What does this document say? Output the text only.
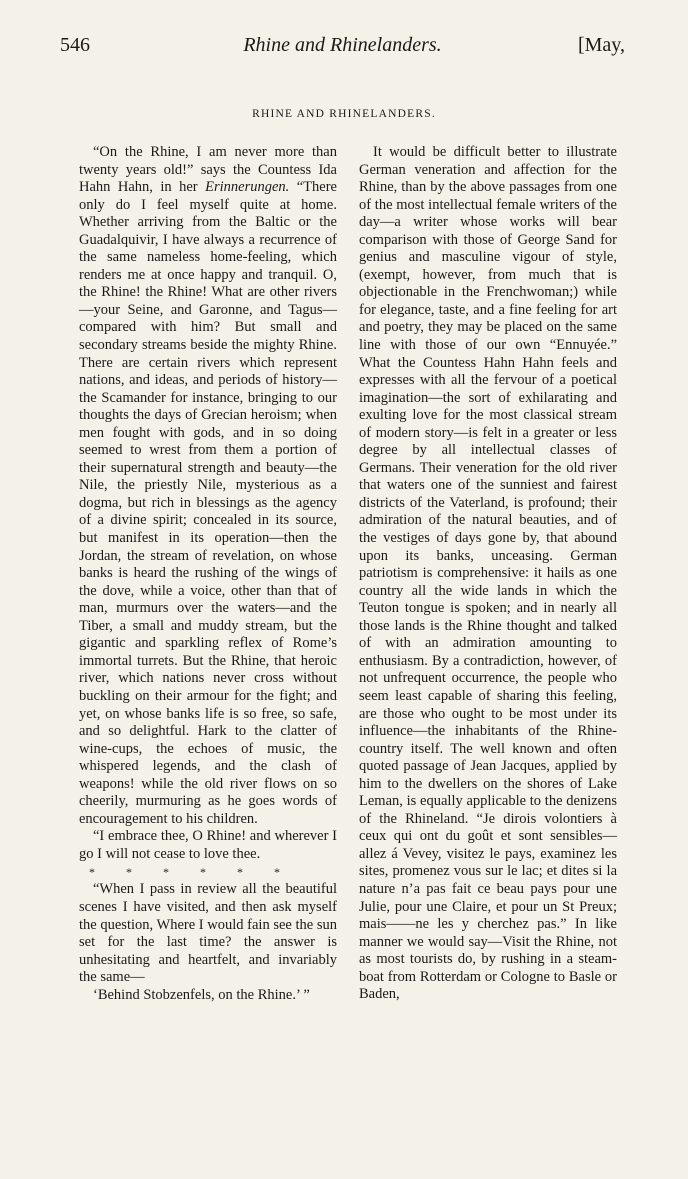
546	Rhine and Rhinelanders.	[May,
RHINE AND RHINELANDERS.

“On the Rhine, I am never more than twenty years old!” says the Countess Ida Hahn Hahn, in her Erinnerungen. “There only do I feel myself quite at home. Whether arriving from the Baltic or the Guadalquivir, I have always a recurrence of the same nameless home-feeling, which renders me at once happy and tranquil. O, the Rhine! the Rhine! What are other rivers—your Seine, and Garonne, and Tagus—compared with him? But small and secondary streams beside the mighty Rhine. There are certain rivers which represent nations, and ideas, and periods of history—the Scamander for instance, bringing to our thoughts the days of Grecian heroism; when men fought with gods, and in so doing seemed to wrest from them a portion of their supernatural strength and beauty—the Nile, the priestly Nile, mysterious as a dogma, but rich in blessings as the agency of a divine spirit; concealed in its source, but manifest in its operation—then the Jordan, the stream of revelation, on whose banks is heard the rushing of the wings of the dove, while a voice, other than that of man, murmurs over the waters—and the Tiber, a small and muddy stream, but the gigantic and sparkling reflex of Rome’s immortal turrets. But the Rhine, that heroic river, which nations never cross without buckling on their armour for the fight; and yet, on whose banks life is so free, so safe, and so delightful. Hark to the clatter of wine-cups, the echoes of music, the whispered legends, and the clash of weapons! while the old river flows on so cheerily, murmuring as he goes words of encouragement to his children.

“I embrace thee, O Rhine! and wherever I go I will not cease to love thee.

* * * * * *

“When I pass in review all the beautiful scenes I have visited, and then ask myself the question, Where I would fain see the sun set for the last time? the answer is unhesitating and heartfelt, and invariably the same—

‘Behind Stobzenfels, on the Rhine.’ ”

It would be difficult better to illustrate German veneration and affection for the Rhine, than by the above passages from one of the most intellectual female writers of the day—a writer whose works will bear comparison with those of George Sand for genius and masculine vigour of style, (exempt, however, from much that is objectionable in the Frenchwoman;) while for elegance, taste, and a fine feeling for art and poetry, they may be placed on the same line with those of our own “Ennuyée.” What the Countess Hahn Hahn feels and expresses with all the fervour of a poetical imagination—the sort of exhilarating and exulting love for the most classical stream of modern story—is felt in a greater or less degree by all intellectual classes of Germans. Their veneration for the old river that waters one of the sunniest and fairest districts of the Vaterland, is profound; their admiration of the natural beauties, and of the vestiges of days gone by, that abound upon its banks, unceasing. German patriotism is comprehensive: it hails as one country all the wide lands in which the Teuton tongue is spoken; and in nearly all those lands is the Rhine thought and talked of with an admiration amounting to enthusiasm. By a contradiction, however, of not unfrequent occurrence, the people who seem least capable of sharing this feeling, are those who ought to be most under its influence—the inhabitants of the Rhine-country itself. The well known and often quoted passage of Jean Jacques, applied by him to the dwellers on the shores of Lake Leman, is equally applicable to the denizens of the Rhineland. “Je dirois volontiers à ceux qui ont du goût et sont sensibles—allez á Vevey, visitez le pays, examinez les sites, promenez vous sur le lac; et dites si la nature n’a pas fait ce beau pays pour une Julie, pour une Claire, et pour un St Preux; mais——ne les y cherchez pas.” In like manner we would say—Visit the Rhine, not as most tourists do, by rushing in a steam-boat from Rotterdam or Cologne to Basle or Baden,
